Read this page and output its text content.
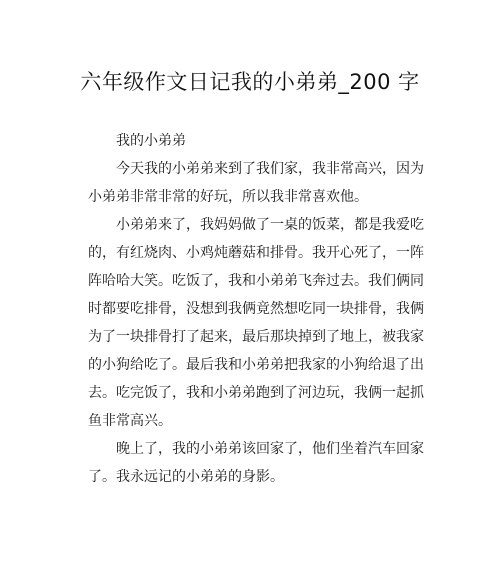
六年级作文日记我的小弟弟_200 字
我的小弟弟
今天我的小弟弟来到了我们家，我非常高兴，因为
小弟弟非常非常的好玩，所以我非常喜欢他。
小弟弟来了，我妈妈做了一桌的饭菜，都是我爱吃
的，有红烧肉、小鸡炖蘑菇和排骨。我开心死了，一阵
阵哈哈大笑。吃饭了，我和小弟弟飞奔过去。我们俩同
时都要吃排骨，没想到我俩竟然想吃同一块排骨，我俩
为了一块排骨打了起来，最后那块掉到了地上，被我家
的小狗给吃了。最后我和小弟弟把我家的小狗给退了出
去。吃完饭了，我和小弟弟跑到了河边玩，我俩一起抓
鱼非常高兴。
晚上了，我的小弟弟该回家了，他们坐着汽车回家
了。我永远记的小弟弟的身影。
